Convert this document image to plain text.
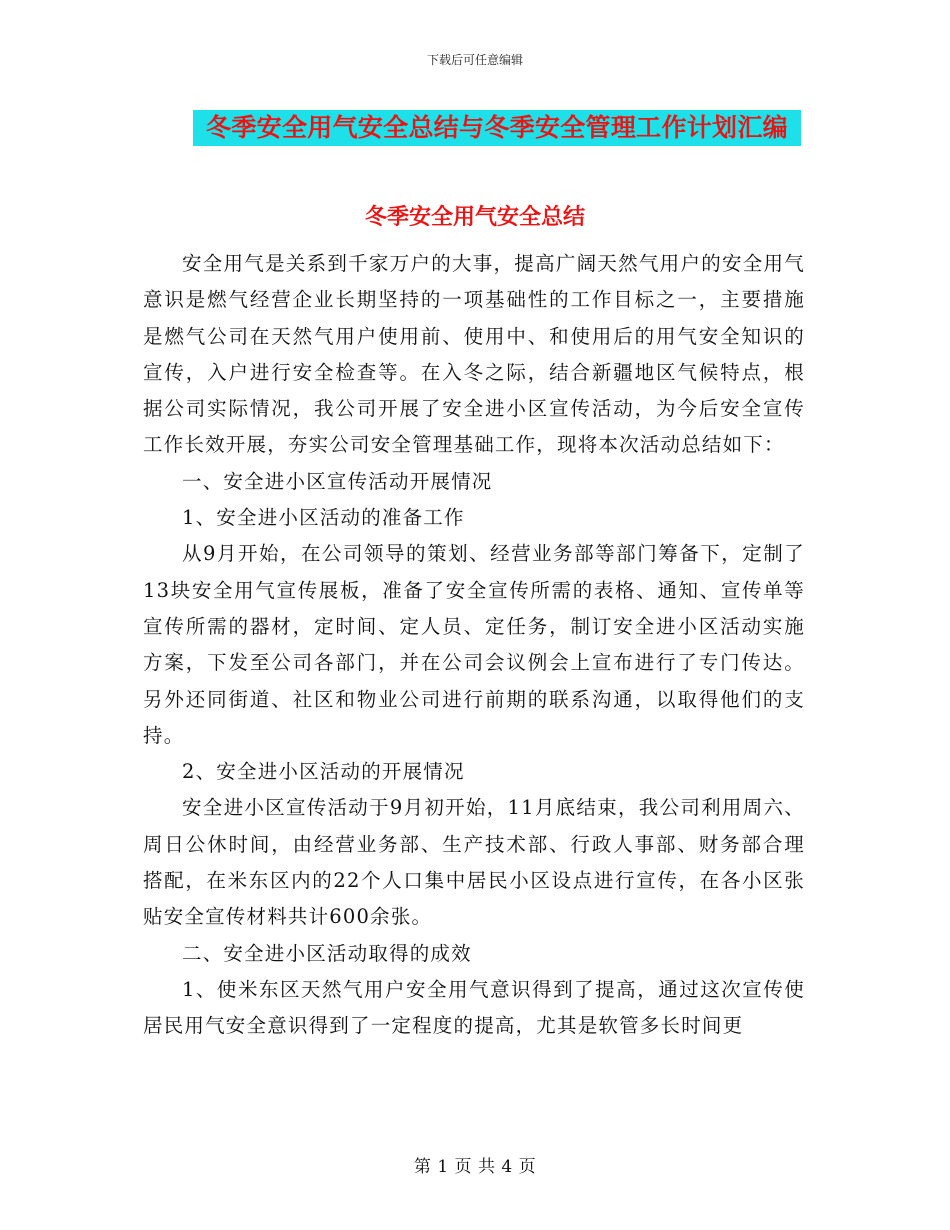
下载后可任意编辑
冬季安全用气安全总结与冬季安全管理工作计划汇编
冬季安全用气安全总结

安全用气是关系到千家万户的大事，提高广阔天然气用户的安全用气意识是燃气经营企业长期坚持的一项基础性的工作目标之一，主要措施是燃气公司在天然气用户使用前、使用中、和使用后的用气安全知识的宣传，入户进行安全检查等。在入冬之际，结合新疆地区气候特点，根据公司实际情况，我公司开展了安全进小区宣传活动，为今后安全宣传工作长效开展，夯实公司安全管理基础工作，现将本次活动总结如下：

一、安全进小区宣传活动开展情况

1、安全进小区活动的准备工作

从9月开始，在公司领导的策划、经营业务部等部门筹备下，定制了13块安全用气宣传展板，准备了安全宣传所需的表格、通知、宣传单等宣传所需的器材，定时间、定人员、定任务，制订安全进小区活动实施方案，下发至公司各部门，并在公司会议例会上宣布进行了专门传达。另外还同街道、社区和物业公司进行前期的联系沟通，以取得他们的支持。

2、安全进小区活动的开展情况

安全进小区宣传活动于9月初开始，11月底结束，我公司利用周六、周日公休时间，由经营业务部、生产技术部、行政人事部、财务部合理搭配，在米东区内的22个人口集中居民小区设点进行宣传，在各小区张贴安全宣传材料共计600余张。

二、安全进小区活动取得的成效

1、使米东区天然气用户安全用气意识得到了提高，通过这次宣传使居民用气安全意识得到了一定程度的提高，尤其是软管多长时间更

第 1 页 共 4 页
